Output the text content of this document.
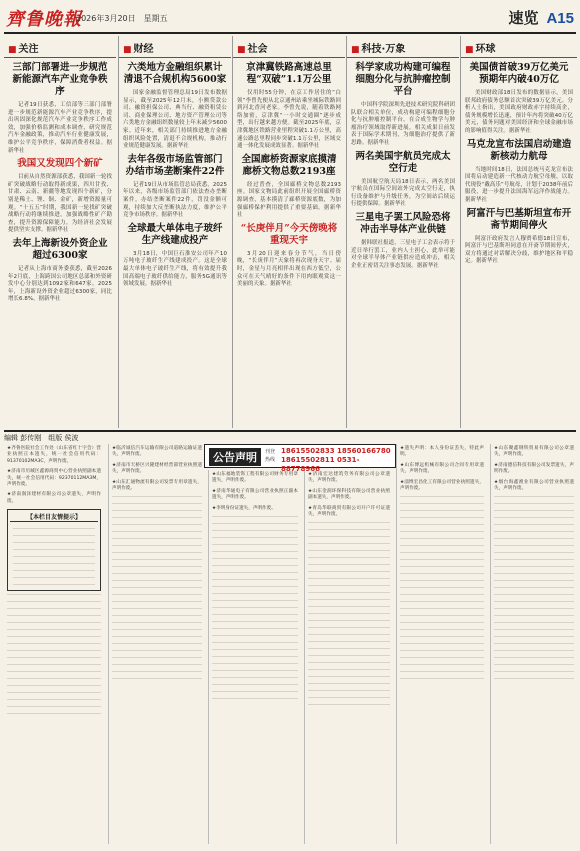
齊鲁晚報
2026年3月20日　星期五	速览 A15
■ 关注
三部门部署进一步规范新能源汽车产业竞争秩序

记者19日获悉，工信部等三部门部署进一步规范新能源汽车产业竞争秩序，提出巩固深化规范汽车产业竞争秩序工作成效，加强价格监测和成本调查，研究规范汽车金融政策，推动汽车行业健康发展，维护公平竞争秩序，保障消费者权益。据新华社

我国又发现四个新矿

目前从自然资源部获悉，我国新一轮找矿突破战略行动取得新成果，四川甘孜、甘肃、云南、新疆等地发现四个新矿，分别是稀土、锂、铜、金矿，新增资源量可观。“十五五”时期，我国新一轮找矿突破战略行动将继续推进，加强战略性矿产勘查，提升资源保障能力，为经济社会发展提供坚实支撑。据新华社

去年上海新设外资企业超过6300家

记者从上海市商务委获悉，截至2026年2月底，上海跨国公司地区总部和外资研发中心分别达到1092家和647家。2025年，上海新设外资企业超过6300家，同比增长6.8%。据新华社

■ 财经
六类地方金融组织累计清退不合规机构5600家

国家金融监督管理总局19日发布数据显示，截至2025年12月末，小额贷款公司、融资担保公司、典当行、融资租赁公司、商业保理公司、地方资产管理公司等六类地方金融组织数量较上年末减少5600家。近年来，相关部门持续推进地方金融组织风险处置，清退不合规机构，推动行业规范健康发展。据新华社

去年各级市场监管部门办结市场垄断案件22件

记者19日从市场监管总局获悉，2025年以来，各级市场监管部门依法查办垄断案件，办结垄断案件22件，罚没金额可观，持续加大反垄断执法力度，维护公平竞争市场秩序。据新华社

全球最大单体电子玻纤生产线建成投产

3月18日，中国巨石淮安公司年产10万吨电子玻纤生产线建成投产。这是全球最大单体电子玻纤生产线，将有效提升我国高端电子玻纤供给能力，服务5G通讯等领域发展。据新华社

■ 社会
京津冀铁路高速总里程“双破”1.1万公里

仅用时55分钟，在京工作居住的“白领”李曾先便从北京通州站乘坐城际铁路回到河北香河老家。李曾先说，随着铁路网络加密，京津冀“一小时交通圈”逐步成型，出行越来越方便。截至2025年底，京津冀地区铁路营业里程突破1.1万公里，高速公路总里程同步突破1.1万公里，区域交通一体化发展成效显著。据新华社

全国廊桥资源家底摸清廊桥文物总数2193座

经过普查，全国廊桥文物总数2193座。国家文物局此前组织开展全国廊桥资源调查，基本摸清了廊桥资源底数，为加强廊桥保护利用提供了重要基础。据新华社

“长庚伴月”今天傍晚将重现天宇

3月20日迎来春分节气，当日傍晚，“长庚伴月”天象将再次现身天宇。届时，金星与月亮相伴出现在西方低空，公众可在天气晴好的条件下用肉眼观赏这一美丽的天象。据新华社

■ 科技·万象
科学家成功构建可编程细胞分化与抗肿瘤控制平台

中国科学院深圳先进技术研究院科研团队联合相关单位，成功构建可编程细胞分化与抗肿瘤控制平台，在合成生物学与肿瘤治疗领域取得新进展，相关成果日前发表于国际学术期刊，为细胞治疗提供了新思路。据新华社

两名美国宇航员完成太空行走

美国航空航天局18日表示，两名美国宇航员在国际空间站外完成太空行走，执行设备维护与升级任务，为空间站后续运行提供保障。据新华社

三星电子罢工风险恐将冲击半导体产业供链

据韩联社报道，三星电子工会表示将于近日举行罢工，业内人士担心，此举可能对全球半导体产业链供应造成冲击，相关企业正密切关注事态发展。据新华社

■ 环球
美国债首破39万亿美元预期年内破40万亿

美国财政部18日发布的数据显示，美国联邦政府债务总额首次突破39万亿美元。分析人士指出，美国政府财政赤字持续高企，债务规模增长迅速，预计年内将突破40万亿美元，债务问题对美国经济和全球金融市场的影响值得关注。据新华社

马克龙宣布法国启动建造新核动力航母

当地时间18日，法国总统马克龙宣布法国将启动建造新一代核动力航空母舰，以取代现役“戴高乐”号航母，计划于2038年前后服役，进一步提升法国海军远洋作战能力。据新华社

阿富汗与巴基斯坦宣布开斋节期间停火

阿富汗政府发言人穆贾希德18日宣布，阿富汗与巴基斯坦同意在开斋节期间停火，双方将通过对话解决分歧，维护地区和平稳定。据新华社

编辑 彭传刚　组版 侯波
★齐鲁医院社会工作处（山东省红十字会）营业执照正本遗失，统一社会信用代码：91370102MA3C，声明作废。
★济南市历城区鑫源商贸中心营业执照副本遗失，统一社会信用代码：92370112MA3M，声明作废。
★济南润泽建材有限公司公章遗失，声明作废。
【本栏目友情提示】
★临沂诚信汽车运输有限公司道路运输证遗失，声明作废。
★济南市天桥区兴隆建材经营部营业执照遗失，声明作废。
★山东汇通物流有限公司发票专用章遗失，声明作废。
★山东福地装饰工程有限公司财务专用章遗失，声明作废。
★济南华通电子有限公司营业执照正副本遗失，声明作废。
★李明身份证遗失，声明作废。
★济南宏达建筑劳务有限公司公章遗失，声明作废。
★山东金润环保科技有限公司营业执照副本遗失，声明作废。
★青岛华联商贸有限公司开户许可证遗失，声明作废。
★遗失声明：本人身份证丢失，特此声明。
★山东博远机械有限公司合同专用章遗失，声明作废。
★淄博宏昌化工有限公司营业执照遗失，声明作废。
★山东聚鑫钢铁贸易有限公司公章遗失，声明作废。
★济南德信科技有限公司发票遗失，声明作废。
★烟台海鑫渔业有限公司营业执照遗失，声明作废。
公告声明	刊登热线
18615502833 18560166780
18615502811 0531-88778966
